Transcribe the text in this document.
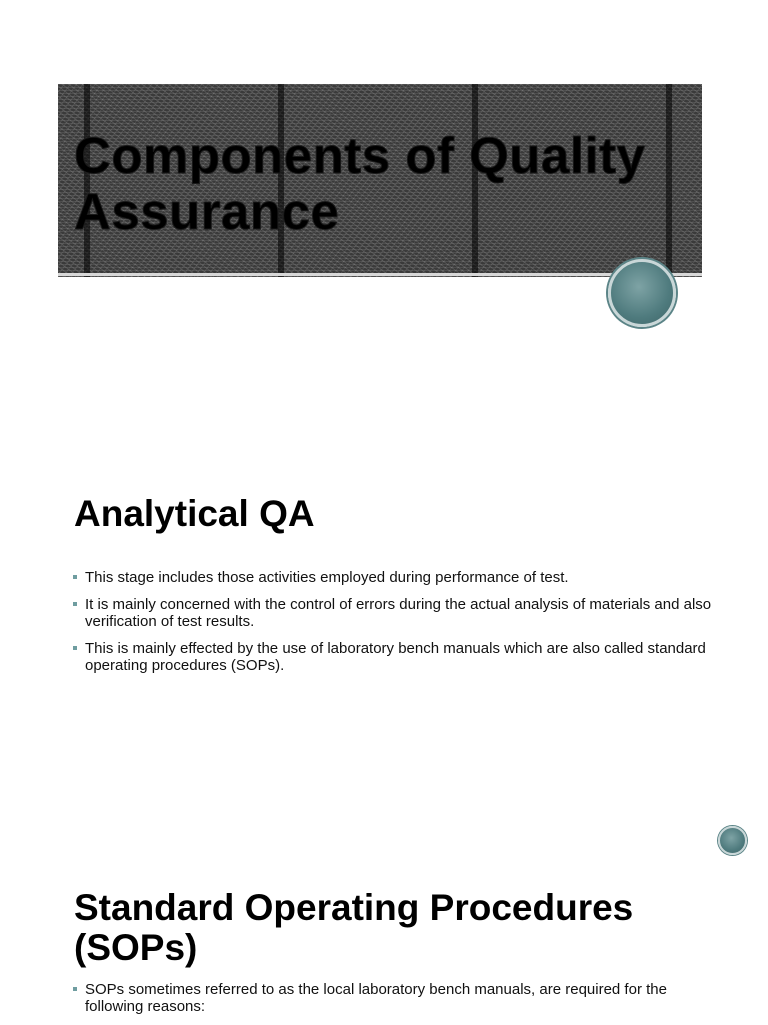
Components of Quality Assurance
Analytical QA
This stage includes those activities employed during performance of test.
It is mainly concerned with the control of errors during the actual analysis of materials and also verification of test results.
This is mainly effected by the use of laboratory bench manuals which are also called standard operating procedures (SOPs).
Standard Operating Procedures (SOPs)
SOPs sometimes referred to as the local laboratory bench manuals, are required for the following reasons:
